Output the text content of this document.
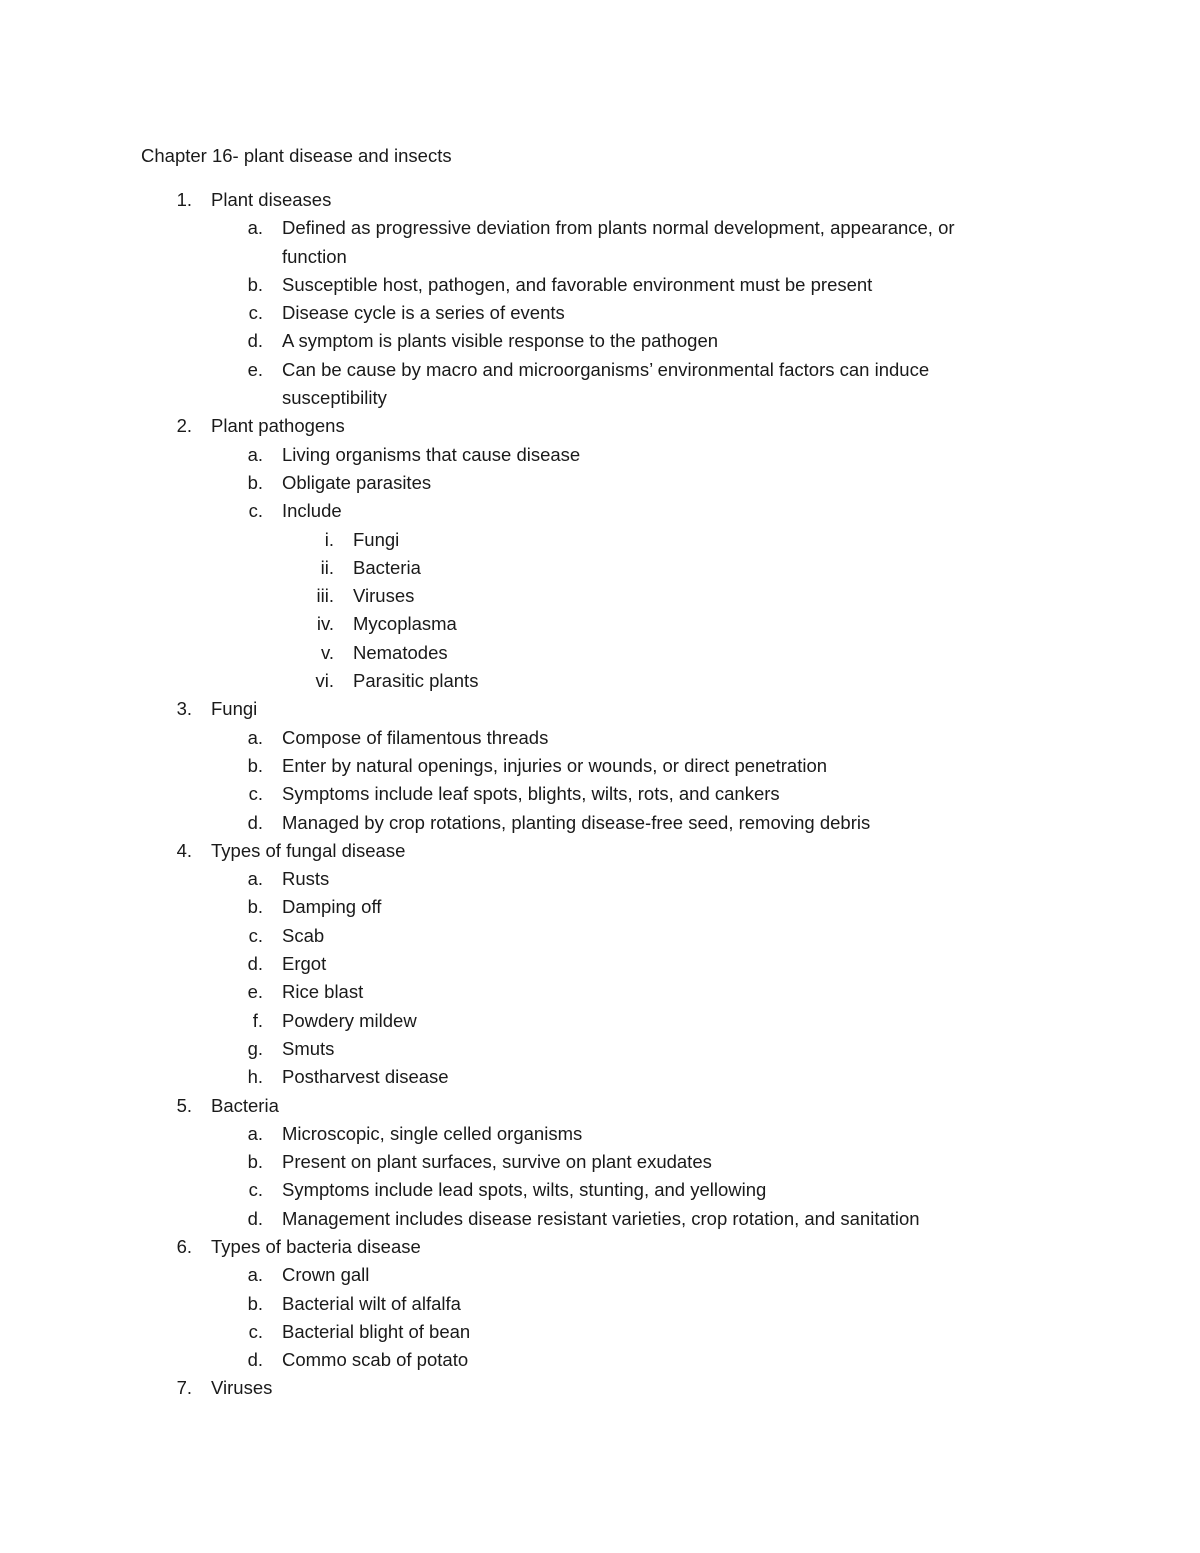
Chapter 16- plant disease and insects
1. Plant diseases
a. Defined as progressive deviation from plants normal development, appearance, or function
b. Susceptible host, pathogen, and favorable environment must be present
c. Disease cycle is a series of events
d. A symptom is plants visible response to the pathogen
e. Can be cause by macro and microorganisms’ environmental factors can induce susceptibility
2. Plant pathogens
a. Living organisms that cause disease
b. Obligate parasites
c. Include
i. Fungi
ii. Bacteria
iii. Viruses
iv. Mycoplasma
v. Nematodes
vi. Parasitic plants
3. Fungi
a. Compose of filamentous threads
b. Enter by natural openings, injuries or wounds, or direct penetration
c. Symptoms include leaf spots, blights, wilts, rots, and cankers
d. Managed by crop rotations, planting disease-free seed, removing debris
4. Types of fungal disease
a. Rusts
b. Damping off
c. Scab
d. Ergot
e. Rice blast
f. Powdery mildew
g. Smuts
h. Postharvest disease
5. Bacteria
a. Microscopic, single celled organisms
b. Present on plant surfaces, survive on plant exudates
c. Symptoms include lead spots, wilts, stunting, and yellowing
d. Management includes disease resistant varieties, crop rotation, and sanitation
6. Types of bacteria disease
a. Crown gall
b. Bacterial wilt of alfalfa
c. Bacterial blight of bean
d. Commo scab of potato
7. Viruses
